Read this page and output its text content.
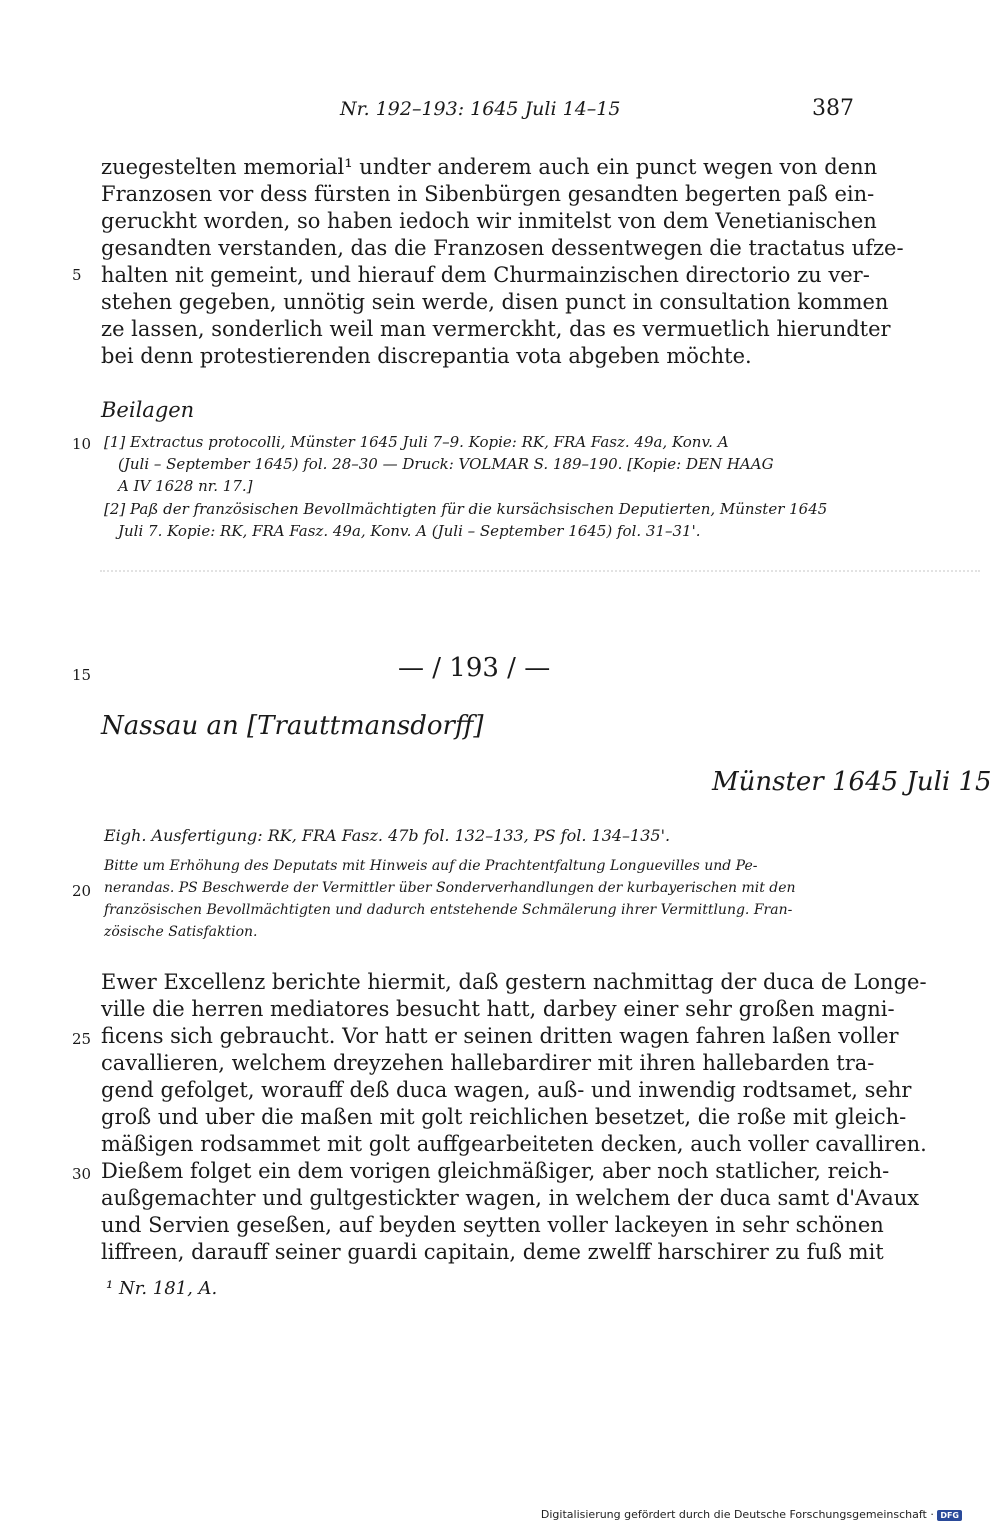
Nr. 192–193: 1645 Juli 14–15	387
zuegestelten memorial¹ undter anderem auch ein punct wegen von denn
Franzosen vor dess fürsten in Sibenbürgen gesandten begerten paß ein-
geruckht worden, so haben iedoch wir inmitelst von dem Venetianischen
gesandten verstanden, das die Franzosen dessentwegen die tractatus ufze-
halten nit gemeint, und hierauf dem Churmainzischen directorio zu ver-
stehen gegeben, unnötig sein werde, disen punct in consultation kommen
ze lassen, sonderlich weil man vermerckht, das es vermuetlich hierundter
bei denn protestierenden discrepantia vota abgeben möchte.
Beilagen
[1] Extractus protocolli, Münster 1645 Juli 7–9. Kopie: RK, FRA Fasz. 49a, Konv. A
(Juli – September 1645) fol. 28–30 — Druck: VOLMAR S. 189–190. [Kopie: DEN HAAG
A IV 1628 nr. 17.]
[2] Paß der französischen Bevollmächtigten für die kursächsischen Deputierten, Münster 1645
Juli 7. Kopie: RK, FRA Fasz. 49a, Konv. A (Juli – September 1645) fol. 31–31'.
— / 193 / —
Nassau an [Trauttmansdorff]
Münster 1645 Juli 15
Eigh. Ausfertigung: RK, FRA Fasz. 47b fol. 132–133, PS fol. 134–135'.
Bitte um Erhöhung des Deputats mit Hinweis auf die Prachtentfaltung Longuevilles und Pe-
nerandas. PS Beschwerde der Vermittler über Sonderverhandlungen der kurbayerischen mit den
französischen Bevollmächtigten und dadurch entstehende Schmälerung ihrer Vermittlung. Fran-
zösische Satisfaktion.
Ewer Excellenz berichte hiermit, daß gestern nachmittag der duca de Longe-
ville die herren mediatores besucht hatt, darbey einer sehr großen magni-
ficens sich gebraucht. Vor hatt er seinen dritten wagen fahren laßen voller
cavallieren, welchem dreyzehen hallebardirer mit ihren hallebarden tra-
gend gefolget, worauff deß duca wagen, auß- und inwendig rodtsamet, sehr
groß und uber die maßen mit golt reichlichen besetzet, die roße mit gleich-
mäßigen rodsammet mit golt auffgearbeiteten decken, auch voller cavalliren.
Dießem folget ein dem vorigen gleichmäßiger, aber noch statlicher, reich-
außgemachter und gultgestickter wagen, in welchem der duca samt d'Avaux
und Servien geseßen, auf beyden seytten voller lackeyen in sehr schönen
liffreen, darauff seiner guardi capitain, deme zwelff harschirer zu fuß mit
¹ Nr. 181, A.
5
10
15
20
25
30
Digitalisierung gefördert durch die Deutsche Forschungsgemeinschaft · DFG
